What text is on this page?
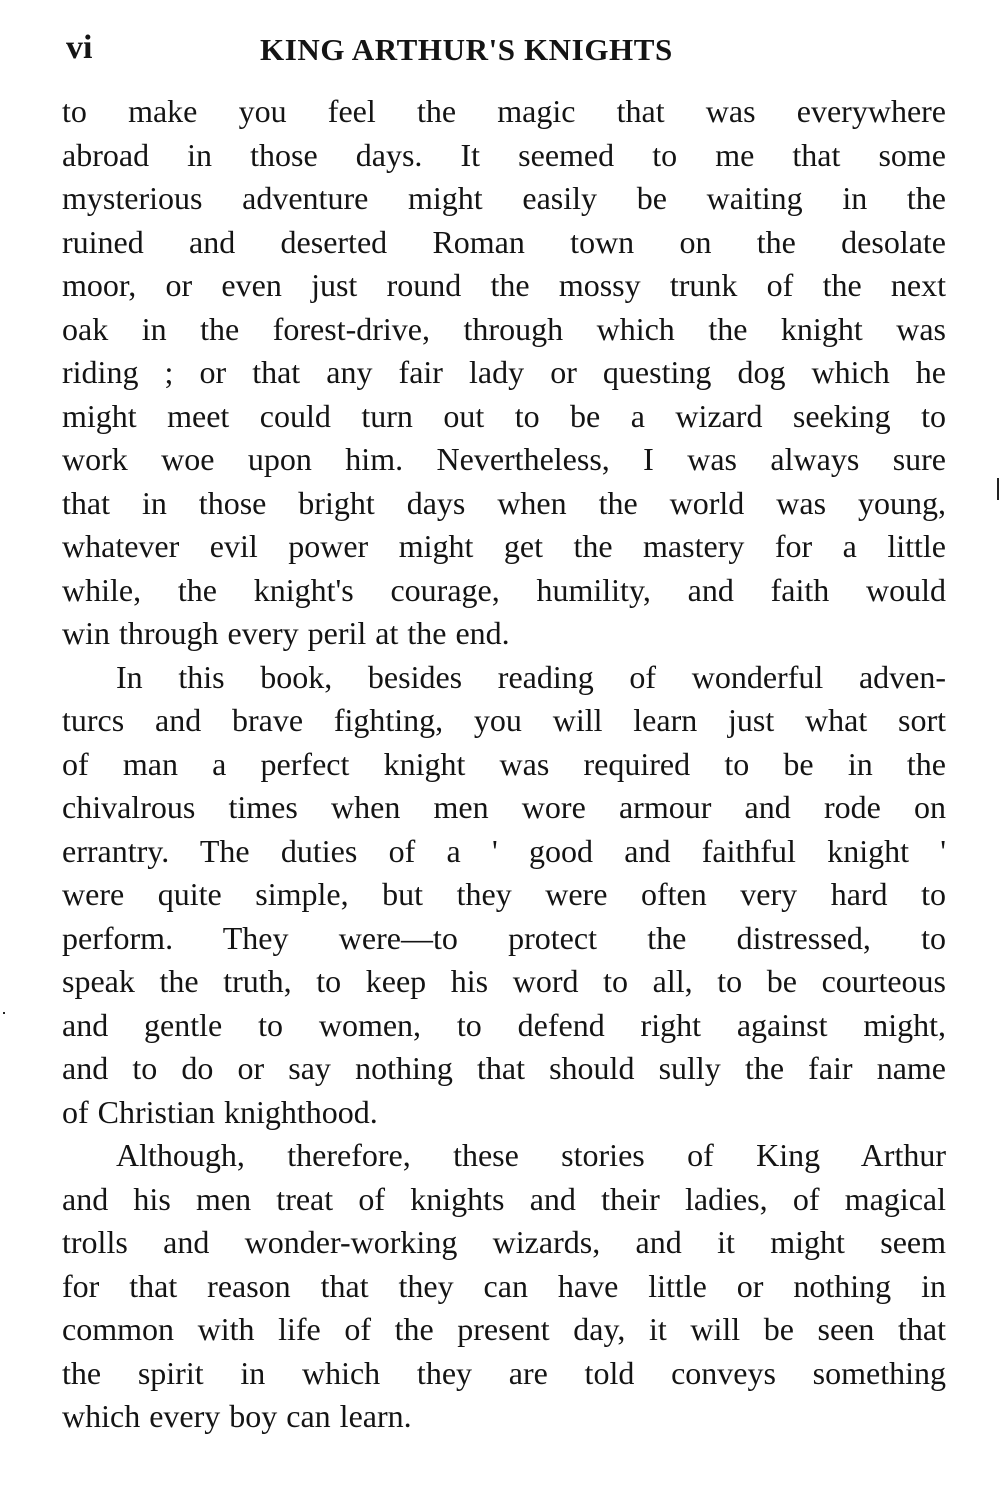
vi	KING ARTHUR'S KNIGHTS
to make you feel the magic that was everywhere
abroad in those days. It seemed to me that some
mysterious adventure might easily be waiting in the
ruined and deserted Roman town on the desolate
moor, or even just round the mossy trunk of the next
oak in the forest-drive, through which the knight was
riding ; or that any fair lady or questing dog which he
might meet could turn out to be a wizard seeking to
work woe upon him. Nevertheless, I was always sure
that in those bright days when the world was young,
whatever evil power might get the mastery for a little
while, the knight's courage, humility, and faith would
win through every peril at the end.
In this book, besides reading of wonderful adven-
turcs and brave fighting, you will learn just what sort
of man a perfect knight was required to be in the
chivalrous times when men wore armour and rode on
errantry. The duties of a ' good and faithful knight '
were quite simple, but they were often very hard to
perform. They were—to protect the distressed, to
speak the truth, to keep his word to all, to be courteous
and gentle to women, to defend right against might,
and to do or say nothing that should sully the fair name
of Christian knighthood.
Although, therefore, these stories of King Arthur
and his men treat of knights and their ladies, of magical
trolls and wonder-working wizards, and it might seem
for that reason that they can have little or nothing in
common with life of the present day, it will be seen that
the spirit in which they are told conveys something
which every boy can learn.
